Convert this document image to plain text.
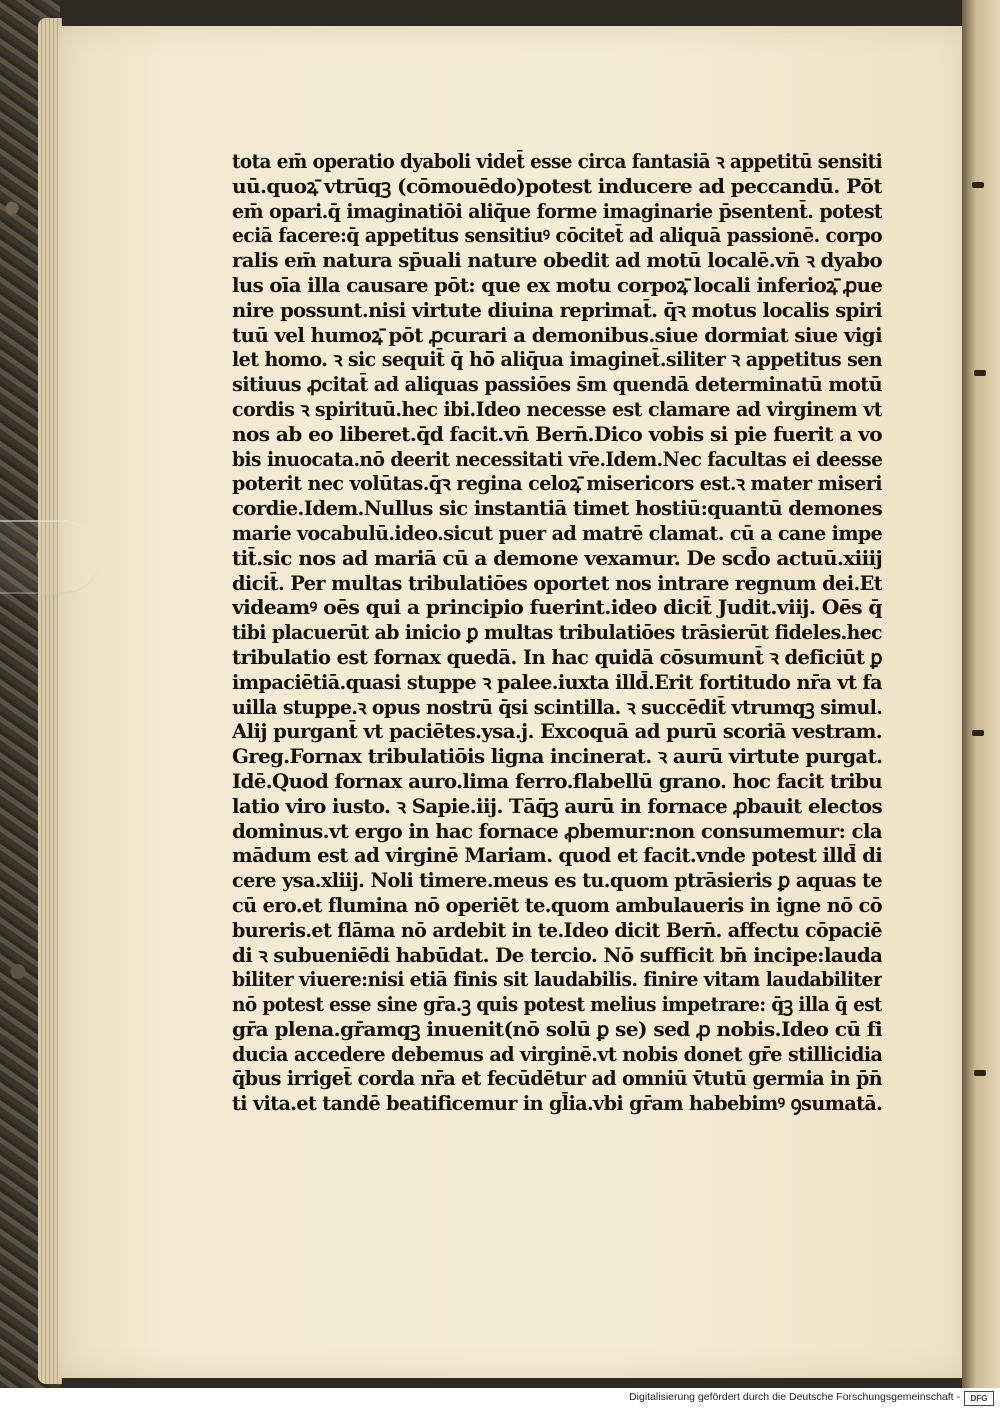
tota em̄ operatio dyaboli videt̄ esse circa fantasiā ꝛ appetitū sensiti
uū.quoꝝ̄ vtrūqꝫ (cōmouēdo)potest inducere ad peccandū. Pōt
em̄ opari.q̄ imaginatiōi aliq̄ue forme imaginarie p̄sentent̄. potest
eciā facere:q̄ appetitus sensitiuꝰ cōcitet̄ ad aliquā passionē. corpo
ralis em̄ natura sp̄uali nature obedit ad motū localē.vn̄ ꝛ dyabo
lus oīa illa causare pōt: que ex motu corpoꝝ̄ locali inferioꝝ̄ ꝓue
nire possunt.nisi virtute diuina reprimat̄. q̄ꝛ motus localis spiri
tuū vel humoꝝ̄ pōt ꝓcurari a demonibus.siue dormiat siue vigi
let homo. ꝛ sic sequit̄ q̄ hō̄ aliq̄ua imaginet̄.siliter ꝛ appetitus sen
sitiuus ꝓcitat̄ ad aliquas passiōes s̄m quendā determinatū motū
cordis ꝛ spirituū.hec ibi.Ideo necesse est clamare ad virginem vt
nos ab eo liberet.q̄d facit.vn̄ Bern̄.Dico vobis si pie fuerit a vo
bis inuocata.nō deerit necessitati vr̄e.Idem.Nec facultas ei deesse
poterit nec volūtas.q̄ꝛ regina celoꝝ̄ misericors est.ꝛ mater miseri
cordie.Idem.Nullus sic instantiā timet hostiū:quantū demones
marie vocabulū.ideo.sicut puer ad matrē clamat. cū a cane impe
tit̄.sic nos ad mariā cū a demone vexamur. De scd̄o actuū.xiiij
dicit̄. Per multas tribulatiōes oportet nos intrare regnum dei.Et
videamꝰ oēs qui a principio fuerint.ideo dicit̄ Judit.viij. Oēs q̄
tibi placuerūt ab inicio ꝑ multas tribulatiōes trāsierūt fideles.hec
tribulatio est fornax quedā. In hac quidā cōsumunt̄ ꝛ deficiūt ꝑ
impaciētiā.quasi stuppe ꝛ palee.iuxta illd̄.Erit fortitudo nr̄a vt fa
uilla stuppe.ꝛ opus nostrū q̄si scintilla. ꝛ succēdit̄ vtrumqꝫ simul.
Alij purgant̄ vt paciētes.ysa.j. Excoquā ad purū scoriā vestram.
Greg.Fornax tribulatiōis ligna incinerat. ꝛ aurū virtute purgat.
Idē.Quod fornax auro.lima ferro.flabellū grano. hoc facit tribu
latio viro iusto. ꝛ Sapie.iij. Tāq̄ꝫ aurū in fornace ꝓbauit electos
dominus.vt ergo in hac fornace ꝓbemur:non consumemur: cla
mādum est ad virginē Mariam. quod et facit.vnde potest illd̄ di
cere ysa.xliij. Noli timere.meus es tu.quom ptrāsieris ꝑ aquas te
cū ero.et flumina nō operiēt te.quom ambulaueris in igne nō cō
bureris.et flāma nō ardebit in te.Ideo dicit Bern̄. affectu cōpaciē
di ꝛ subueniēdi habūdat. De tercio. Nō sufficit bn̄ incipe:lauda
biliter viuere:nisi etiā finis sit laudabilis. finire vitam laudabiliter
nō potest esse sine gr̄a.ꝫ quis potest melius impetrare: q̄ꝫ illa q̄ est
gr̄a plena.gr̄amqꝫ inuenit(nō solū ꝑ se) sed ꝓ nobis.Ideo cū fi
ducia accedere debemus ad virginē.vt nobis donet gr̄e stillicidia
q̄bus irriget̄ corda nr̄a et fecūdētur ad omniū v̄tutū germia in p̄n̄
ti vita.et tandē beatificemur in gl̄ia.vbi gr̄am habebimꝰ ꝯsumatā.
Digitalisierung gefördert durch die Deutsche Forschungsgemeinschaft -	DFG
